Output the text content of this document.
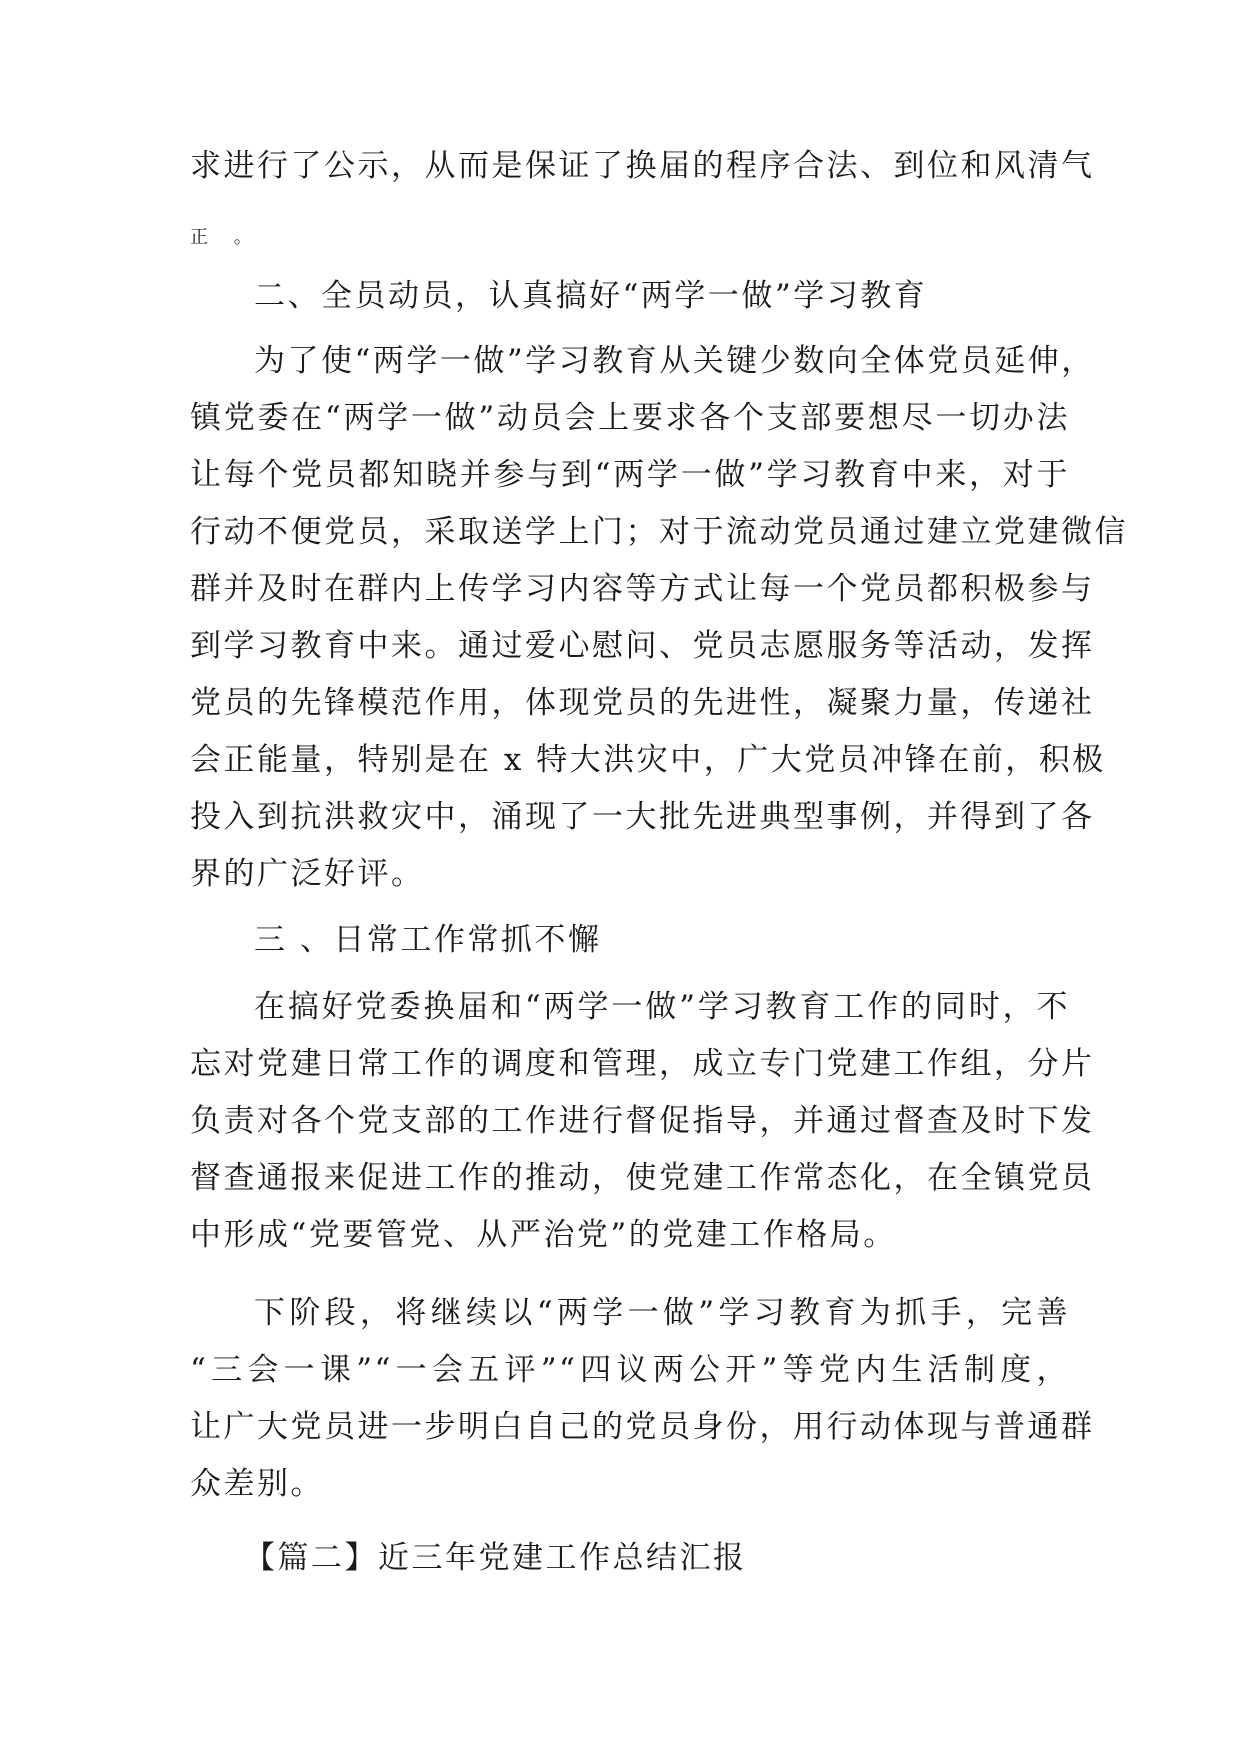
求进行了公示，从而是保证了换届的程序合法、到位和风清气
正 。
二、全员动员，认真搞好“两学一做”学习教育
为了使“两学一做”学习教育从关键少数向全体党员延伸，
镇党委在“两学一做”动员会上要求各个支部要想尽一切办法
让每个党员都知晓并参与到“两学一做”学习教育中来，对于
行动不便党员，采取送学上门；对于流动党员通过建立党建微信
群并及时在群内上传学习内容等方式让每一个党员都积极参与
到学习教育中来。通过爱心慰问、党员志愿服务等活动，发挥
党员的先锋模范作用，体现党员的先进性，凝聚力量，传递社
会正能量，特别是在 x 特大洪灾中，广大党员冲锋在前，积极
投入到抗洪救灾中，涌现了一大批先进典型事例，并得到了各
界的广泛好评。
三 、日常工作常抓不懈
在搞好党委换届和“两学一做”学习教育工作的同时，不
忘对党建日常工作的调度和管理，成立专门党建工作组，分片
负责对各个党支部的工作进行督促指导，并通过督查及时下发
督查通报来促进工作的推动，使党建工作常态化，在全镇党员
中形成“党要管党、从严治党”的党建工作格局。
下阶段，将继续以“两学一做”学习教育为抓手，完善
“三会一课”“一会五评”“四议两公开”等党内生活制度，
让广大党员进一步明白自己的党员身份，用行动体现与普通群
众差别。
【篇二】近三年党建工作总结汇报
